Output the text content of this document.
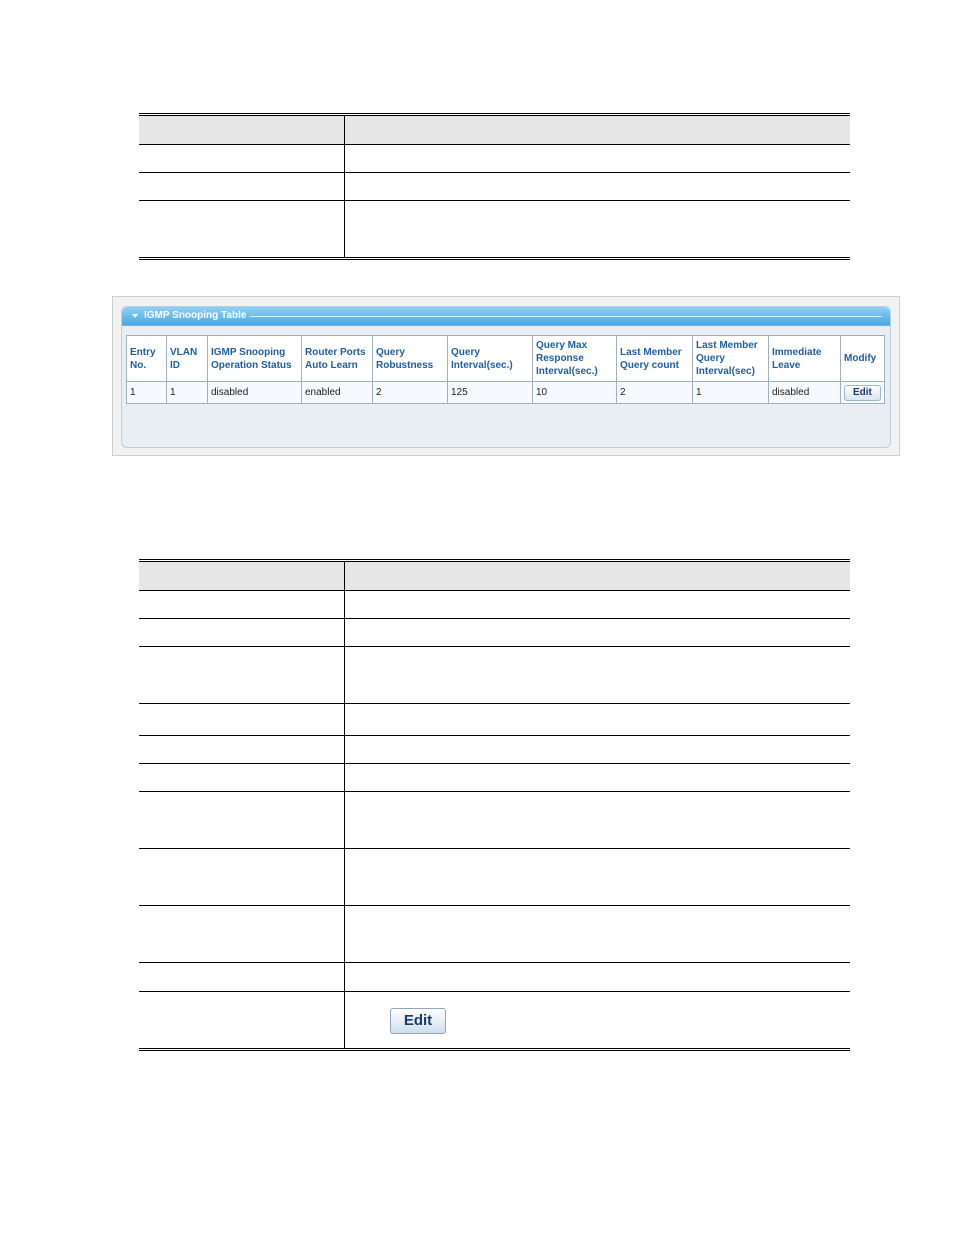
IGMP Snooping Table
Entry No.	VLAN ID	IGMP Snooping Operation Status	Router Ports Auto Learn	Query Robustness	Query Interval(sec.)	Query Max Response Interval(sec.)	Last Member Query count	Last Member Query Interval(sec)	Immediate Leave	Modify
1	1	disabled	enabled	2	125	10	2	1	disabled	Edit

Edit
